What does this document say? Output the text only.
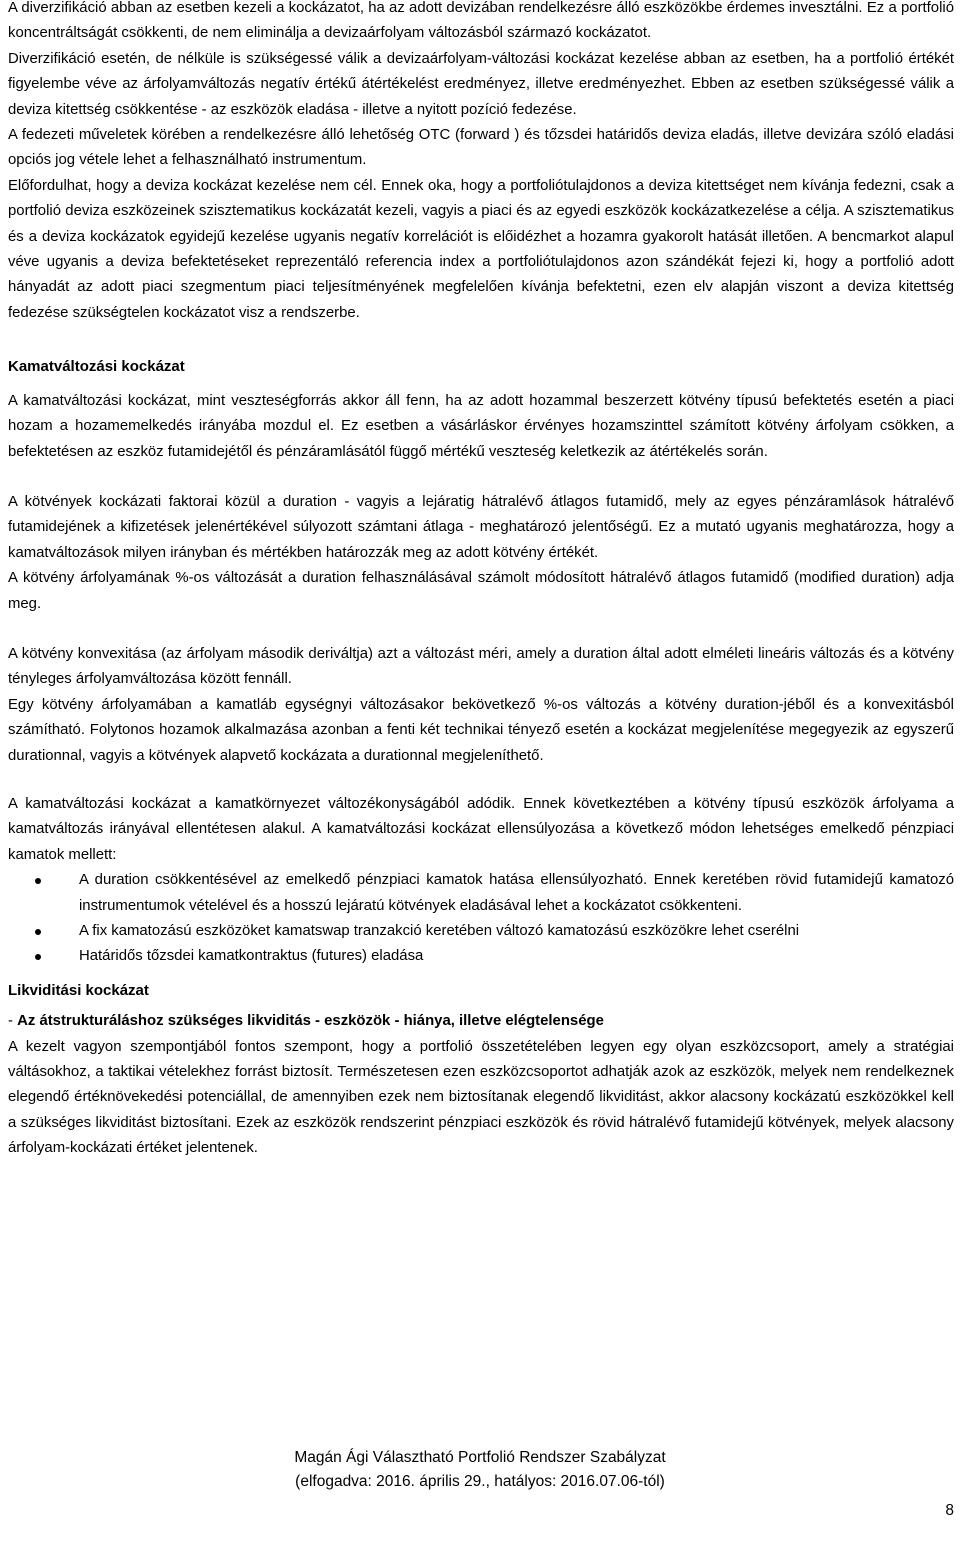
A diverzifikáció abban az esetben kezeli a kockázatot, ha az adott devizában rendelkezésre álló eszközökbe érdemes invesztálni. Ez a portfolió koncentráltságát csökkenti, de nem eliminálja a devizaárfolyam változásból származó kockázatot.

Diverzifikáció esetén, de nélküle is szükségessé válik a devizaárfolyam-változási kockázat kezelése abban az esetben, ha a portfolió értékét figyelembe véve az árfolyamváltozás negatív értékű átértékelést eredményez, illetve eredményezhet. Ebben az esetben szükségessé válik a deviza kitettség csökkentése - az eszközök eladása - illetve a nyitott pozíció fedezése.

A fedezeti műveletek körében a rendelkezésre álló lehetőség OTC (forward ) és tőzsdei határidős deviza eladás, illetve devizára szóló eladási opciós jog vétele lehet a felhasználható instrumentum.

Előfordulhat, hogy a deviza kockázat kezelése nem cél. Ennek oka, hogy a portfoliótulajdonos a deviza kitettséget nem kívánja fedezni, csak a portfolió deviza eszközeinek szisztematikus kockázatát kezeli, vagyis a piaci és az egyedi eszközök kockázatkezelése a célja. A szisztematikus és a deviza kockázatok egyidejű kezelése ugyanis negatív korrelációt is előidézhet a hozamra gyakorolt hatását illetően. A bencmarkot alapul véve ugyanis a deviza befektetéseket reprezentáló referencia index a portfoliótulajdonos azon szándékát fejezi ki, hogy a portfolió adott hányadát az adott piaci szegmentum piaci teljesítményének megfelelően kívánja befektetni, ezen elv alapján viszont a deviza kitettség fedezése szükségtelen kockázatot visz a rendszerbe.

Kamatváltozási kockázat

A kamatváltozási kockázat, mint veszteségforrás akkor áll fenn, ha az adott hozammal beszerzett kötvény típusú befektetés esetén a piaci hozam a hozamemelkedés irányába mozdul el. Ez esetben a vásárláskor érvényes hozamszinttel számított kötvény árfolyam csökken, a befektetésen az eszköz futamidejétől és pénzáramlásától függő mértékű veszteség keletkezik az átértékelés során.

A kötvények kockázati faktorai közül a duration - vagyis a lejáratig hátralévő átlagos futamidő, mely az egyes pénzáramlások hátralévő futamidejének a kifizetések jelenértékével súlyozott számtani átlaga - meghatározó jelentőségű. Ez a mutató ugyanis meghatározza, hogy a kamatváltozások milyen irányban és mértékben határozzák meg az adott kötvény értékét.

A kötvény árfolyamának %-os változását a duration felhasználásával számolt módosított hátralévő átlagos futamidő (modified duration) adja meg.

A kötvény konvexitása (az árfolyam második deriváltja) azt a változást méri, amely a duration által adott elméleti lineáris változás és a kötvény tényleges árfolyamváltozása között fennáll.

Egy kötvény árfolyamában a kamatláb egységnyi változásakor bekövetkező %-os változás a kötvény duration-jéből és a konvexitásból számítható. Folytonos hozamok alkalmazása azonban a fenti két technikai tényező esetén a kockázat megjelenítése megegyezik az egyszerű durationnal, vagyis a kötvények alapvető kockázata a durationnal megjeleníthető.

A kamatváltozási kockázat a kamatkörnyezet változékonyságából adódik. Ennek következtében a kötvény típusú eszközök árfolyama a kamatváltozás irányával ellentétesen alakul. A kamatváltozási kockázat ellensúlyozása a következő módon lehetséges emelkedő pénzpiaci kamatok mellett:

A duration csökkentésével az emelkedő pénzpiaci kamatok hatása ellensúlyozható. Ennek keretében rövid futamidejű kamatozó instrumentumok vételével és a hosszú lejáratú kötvények eladásával lehet a kockázatot csökkenteni.
A fix kamatozású eszközöket kamatswap tranzakció keretében változó kamatozású eszközökre lehet cserélni
Határidős tőzsdei kamatkontraktus (futures) eladása
Likviditási kockázat

- Az átstrukturáláshoz szükséges likviditás - eszközök - hiánya, illetve elégtelensége

A kezelt vagyon szempontjából fontos szempont, hogy a portfolió összetételében legyen egy olyan eszközcsoport, amely a stratégiai váltásokhoz, a taktikai vételekhez forrást biztosít. Természetesen ezen eszközcsoportot adhatják azok az eszközök, melyek nem rendelkeznek elegendő értéknövekedési potenciállal, de amennyiben ezek nem biztosítanak elegendő likviditást, akkor alacsony kockázatú eszközökkel kell a szükséges likviditást biztosítani. Ezek az eszközök rendszerint pénzpiaci eszközök és rövid hátralévő futamidejű kötvények, melyek alacsony árfolyam-kockázati értéket jelentenek.

Magán Ági Választható Portfolió Rendszer Szabályzat
(elfogadva: 2016. április 29., hatályos: 2016.07.06-tól)
8
